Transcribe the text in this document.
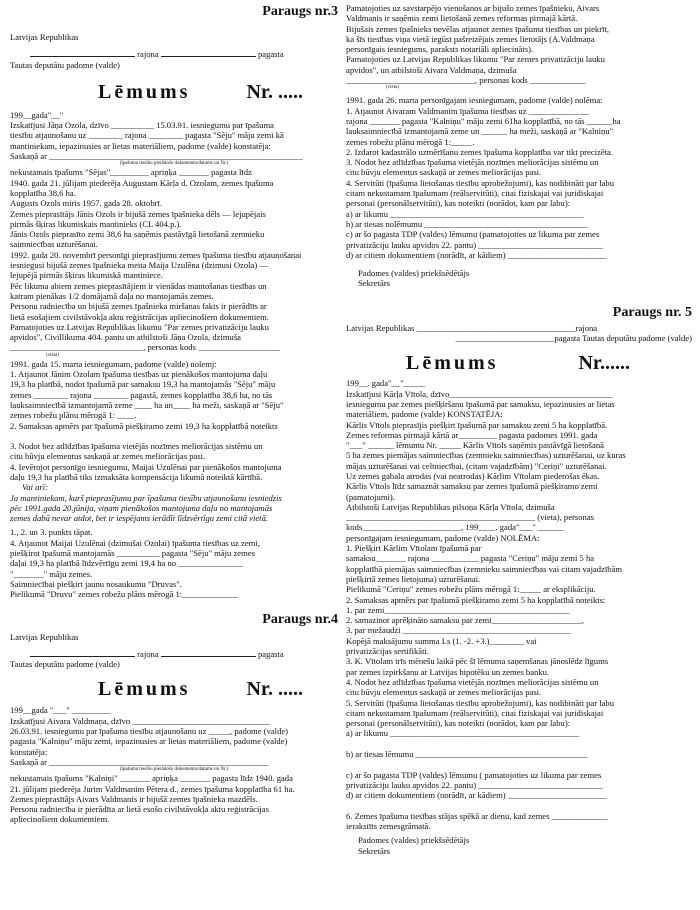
Paraugs nr.3

Latvijas Republikas

rajona	pagasta

Tautas deputātu padome (valde)

Lēmums	Nr. .....

199__gada"__"

Izskatījusi Jāņa Ozola, dzīvo __________ 15.03.91. iesniegumu par īpašuma

tiesību atjaunošanu uz ________ rajona ________ pagasta "Sēju" māju zemi kā

mantiniekam, iepazinusies ar lietas materiāliem, padome (valde) konstatēja:

Saskaņā ar ___________________________________________________________

(īpašuma tiesību pierādošo dokumentu/datums un Nr.)

nekustamais īpašums "Sējas"_________ apriņķa _______ pagasta līdz

1940. gada 21. jūlijam piederēja Augustam Kārļa d. Ozolam, zemes īpašuma

kopplatība 38,6 ha.

Augusts Ozols miris 1957. gada 28. oktobrī.

Zemes pieprasītājs Jānis Ozols ir bijušā zemes īpašnieka dēls — lejupējais

pirmās šķiras likumiskais mantinieks (CL 404.p.).

Jānis Ozols pieprasīto zemi 38,6 ha saņēmis pastāvīgā lietošanā zemnieku

saimniecības uzturēšanai.

1992. gada 20. novembrī personīgi pieprasījumu zemes īpašuma tiesību atjaunošanai

iesniegusi bijušā zemes īpašnieka meita Maija Uzulēna (dzimusi Ozola) —

lejupējā pirmās šķiras likumiskā mantiniece.

Pēc likuma abiem zemes pieprasītājiem ir vienādas mantošanas tiesības un

katram pienākas 1/2 domājamā daļa no mantojamās zemes.

Personu radniecība un bijušā zemes īpašnieka miršanas fakts ir pierādīts ar

lietā esošajiem civilstāvokļa aktu reģistrācijas apliecinošiem dokumentiem.

Pamatojoties uz Latvijas Republikas likumu "Par zemes privatizāciju lauku

apvidos", Civillikuma 404. pantu un atbilstoši Jāņa Ozola, dzimuša

_______________________________, personas kods ___________________

(vieta)

1991. gada 15. marta iesniegumam, padome (valde) nolemj:

1. Atjaunot Jānim Ozolam īpašuma tiesības uz pienākošos mantojuma daļu

19,3 ha platībā, nodot īpašumā par samaksu 19,3 ha mantojamās "Sēju" māju

zemes ________ rajona ________ pagastā, zemes kopplatība 38,6 ha, no tās

lauksaimniecībā izmantojamā zeme ____ ha un____ ha meži, saskaņā ar "Sēju"

zemes robežu plānu mērogā 1: ____.

2. Samaksas apmērs par īpašumā piešķiramo zemi 19,3 ha kopplatībā noteikts

3. Nodot bez atlīdzības īpašuma vietējās nozīmes meliorācijas sistēmu un

citu būvju elementus saskaņā ar zemes meliorācijas pasi.

4. Ievērojot personīgo iesniegumu, Maijai Uzulēnai par pienākošos mantojuma

daļu 19,3 ha platībā tiks izmaksāta kompensācija likumā noteiktā kārtībā.

Vai arī:

Ja mantiniekam, kurš pieprasījumu par īpašuma tiesību atjaunošanu iesniedzis

pēc 1991.gada 20.jūnija, viņam pienākošos mantojuma daļu no mantojamās

zemes dabā nevar atdot, bet ir iespējams ierādīt līdzvērtīgu zemi citā vietā.

1., 2. un 3. punkts tāpat.

4. Atjaunot Maijai Uzulēnai (dzimušai Ozolai) īpašuma tiesības uz zemi,

piešķirot īpašumā mantojamās __________ pagasta "Sēju" māju zemes

daļai 19,3 ha platībā līdzvērtīgu zemi 19,4 ha no _______________

"_______" māju zemes.

Saimniecībai piešķirt jaunu nosaukumu "Druvas".

Pielikumā "Druvu" zemes robežu plāns mērogā 1:_____________

Paraugs nr.4

Latvijas Republikas

rajona	pagasta

Tautas deputātu padome (valde)

Lēmums	Nr. .....

199__gada "___" _________

Izskatījusi Aivara Valdmaņa, dzīvo ________________________________

26.03.91. iesniegumu par īpašuma tiesību atjaunošanu uz _____, padome (valde)

pagasta "Kalniņu" māju zemi, iepazinusies ar lietas materiāliem, padome (valde)

konstatēja:

Saskaņā ar ___________________________________________________

(īpašuma tiesību pierādošo dokumentu/datums un Nr.)

nekustamais īpašums "Kalniņi" _______ apriņķa _______ pagasta līdz 1940. gada

21. jūlijam piederēja Jurim Valdmanim Pētera d., zemes īpašuma kopplatība 61 ha.

Zemes pieprasītājs Aivars Valdmanis ir bijušā zemes īpašnieka mazdēls.

Personu radniecība ir pierādīta ar lietā esošo civilstāvokļa aktu reģistrācijas

apliecinošiem dokumentiem.

Pamatojoties uz savstarpējo vienošanos ar bijušo zemes īpašnieku, Aivars

Valdmanis ir saņēmis zemi lietošanā zemes reformas pirmajā kārtā.

Bijušais zemes īpašnieks nevēlas atjaunot zemes īpašuma tiesības un piekrīt,

ka šīs tiesības viņa vietā iegūst pašreizējais zemes lietotājs (A.Valdmaņa

personīgais iesniegums, paraksts notariāli apliecināts).

Pamatojoties uz Latvijas Republikas likumu "Par zemes privatizāciju lauku

apvidos", un atbilstoši Aivara Valdmaņa, dzimuša

______________________________, personas kods _____________

(vieta)

1991. gada 26. marta personīgajam iesniegumam, padome (valde) nolēma:

1. Atjaunot Aivaram Valdmanim īpašuma tiesības uz ______________

rajona _______ pagasta "Kalniņu" māju zemi 61ha kopplatībā, no tās ______ha

lauksaimniecībā izmantojamā zeme un ______ ha meži, saskaņā ar "Kalniņu"

zemes robežu plānu mērogā 1:_____.

2. Izdarot kadastrālo uzmērīšanu zemes īpašuma kopplatība var tikt precizēta.

3. Nodot bez atlīdzības īpašuma vietējās nozīmes meliorācijas sistēmu un

citu būvju elementus saskaņā ar zemes meliorācijas pasi.

4. Servitūti (īpašuma lietošanas tiesību aprobežojumi), kas nodibināti par labu

citam nekustamam īpašumam (reālservitūti), citai fiziskajai vai juridiskajai

personai (personālservitūti), kas noteikti (norādot, kam par labu):

a) ar likumu _____________________________________________

b) ar tiesas nolēmumu ______________________________________

c) ar šo pagasta TDP (valdes) lēmumu (pamatojoties uz likuma par zemes

privatizāciju lauku apvidos 22. pantu) _____________________________

d) ar citiem dokumentiem (norādīt, ar kādiem) _______________________

Padomes (valdes) priekšsēdētājs

Sekretārs

Paraugs nr. 5

Latvijas Republikas _____________________________________rajona

_______________________pagasta Tautas deputātu padome (valde)

Lēmums	Nr......

199__. gada"__"_____

Izskatījusi Kārļa Vītola, dzīvo______________________________________

iesniegumu par zemes piešķiršanu īpašumā par samaksu, iepazinusies ar lietas

materiāliem, padome (valde) KONSTATĒJA:

Kārlis Vītols pieprasījis piešķirt īpašumā par samaksu zemi 5 ha kopplatībā.

Zemes reformas pirmajā kārtā ar_________ pagasta padomes 1991. gada

"___" ______ lēmumu Nr. _____ Kārlis Vītols saņēmis pastāvīgā lietošanā

5 ha zemes piemājas saimniecības (zemnieku saimniecības) uzturēšanai, uz kuras

mājas uzturēšanai vai celtniecībai, (citam vajadzībām) "Ceriņi" uzturēšanai.

Uz zemes gabala atrodas (vai neatrodas) Kārlim Vītolam piederošas ēkas.

Kārlis Vītols līdz samaznāt samaksu par zemes īpašumā piešķiramo zemi

(pamatojumi).

Atbilstoši Latvijas Republikas pilsoņa Kārļa Vītola, dzimuša

____________________________________________ (vieta), personas

kods_______________________, 199____. gada"___" ______

personīgajam iesniegumam, padome (valde) NOLĒMA:

1. Piešķirt Kārlim Vītolam īpašumā par

samaksu_______ rajona ___________ pagasta "Ceriņu" māju zemi 5 ha

kopplatībā piemājas saimniecības (zemnieku saimniecības vai citam vajadzībām

piešķirtā zemes lietojuma) uzturēšanai.

Pielikumā "Ceriņu" zemes robežu plāns mērogā 1:_____ ar eksplikāciju.

2. Samaksas apmērs par īpašumā piešķiramo zemi 5 ha kopplatībā noteikts:

1. par zemi___________________________________________

2. samazinot aprēķināto samaksu par zemi_____________________,

3. par mežaudzi _______________________________________

Kopējā maksājumu summa Ls (1. -2. +3.)________ vai

privatizācijas sertifikāti.

3. K. Vītolam trīs mēnešu laikā pēc šī lēmuma saņemšanas jānoslēdz līgums

par zemes izpirkšanu ar Latvijas hipotēku un zemes banku.

4. Nodot bez atlīdzības īpašuma vietējās nozīmes meliorācijas sistēmu un

citu būvju elementus saskaņā ar zemes meliorācijas pasi.

5. Servitūti (īpašuma lietošanas tiesību aprobežojumi), kas nodibināti par labu

citam nekustamam īpašumam (reālservitūti), citai fiziskajai vai juridiskajai

personai (personālservitūti), kas noteikti (norādot, kam par labu):

a) ar likumu ____________________________________________

b) ar tiesas lēmumu ________________________________________

c) ar šo pagasta TDP (valdes) lēmumu ( pamatojoties uz likuma par zemes

privatizāciju lauku apvidos 22. pantu) _____________________________

d) ar citiem dokumentiem (norādīt, ar kādiem) _______________________

6. Zemes īpašuma tiesības stājas spēkā ar dienu, kad zemes _____________

ierakstīts zemesgrāmatā.

Padomes (valdes) priekšsēdētājs

Sekretārs
